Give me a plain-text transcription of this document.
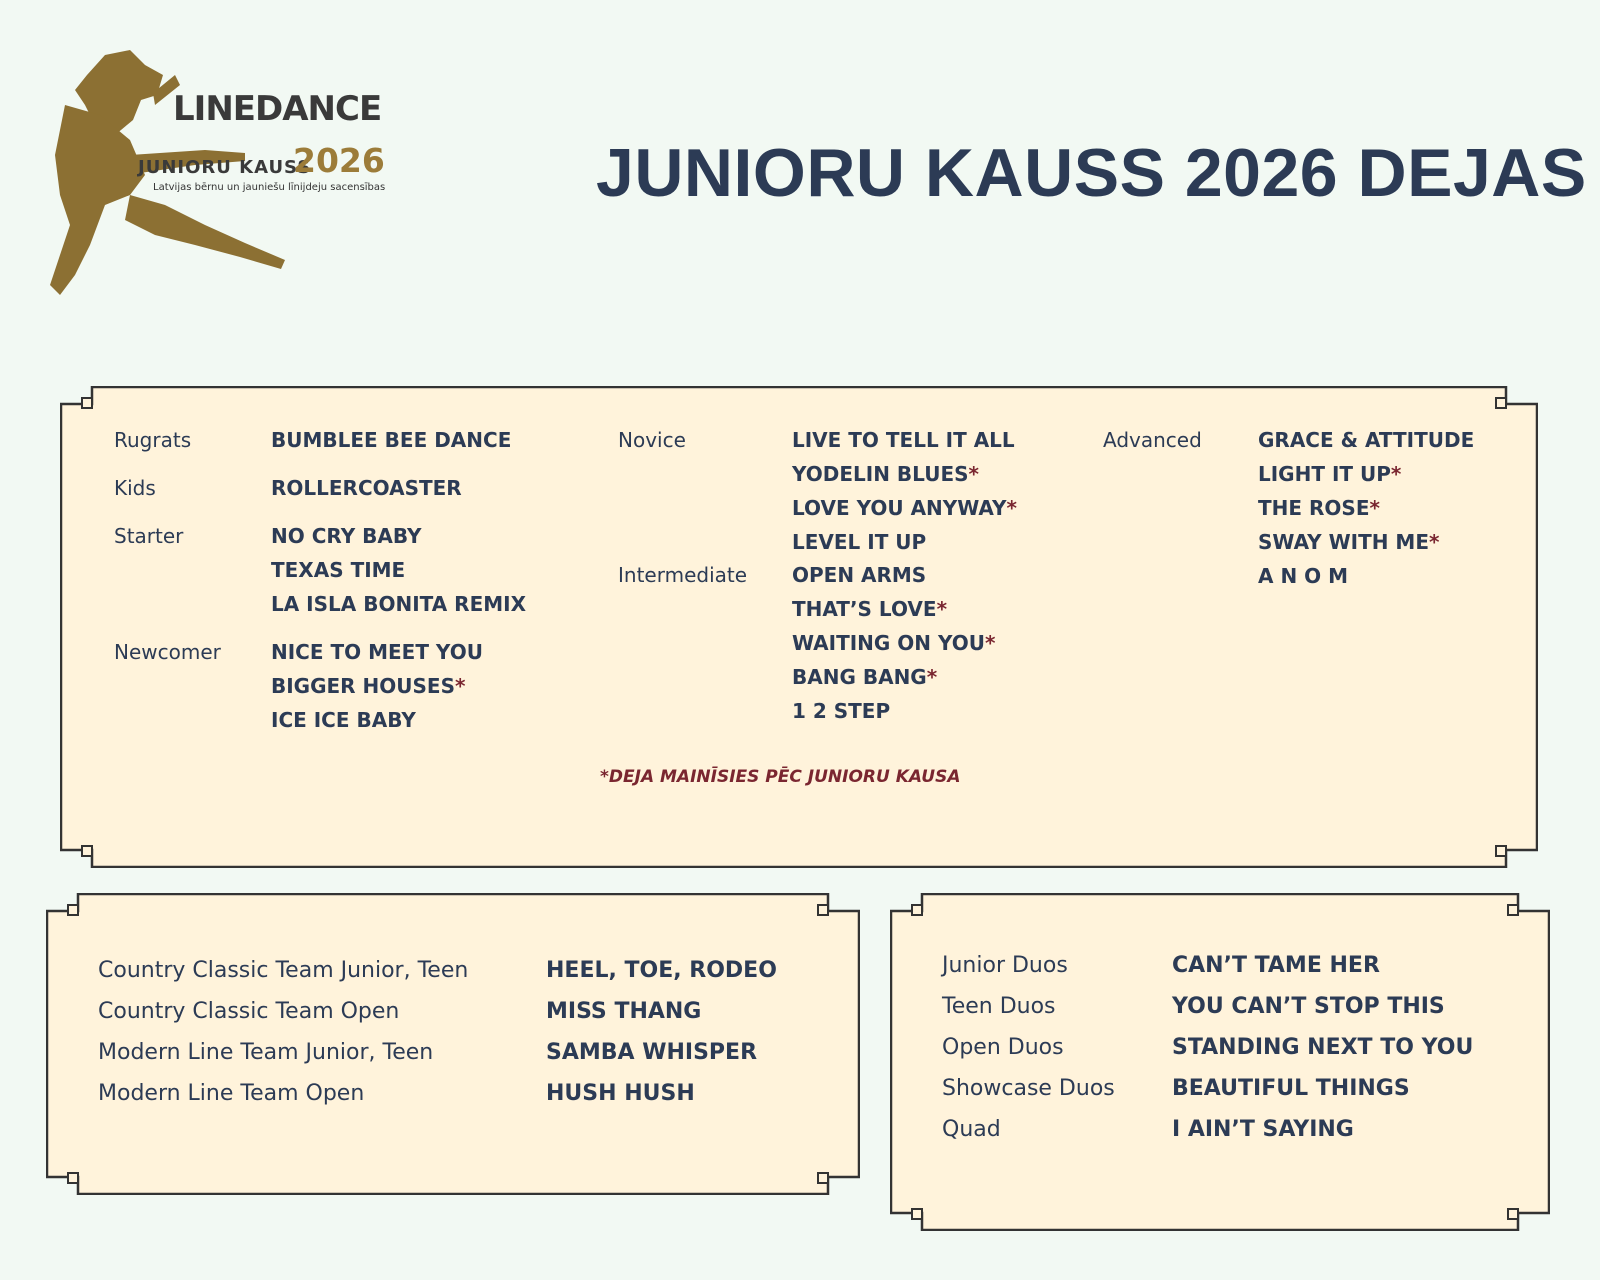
LINEDANCE
JUNIORU KAUSS
2026
Latvijas bērnu un jauniešu līnijdeju sacensības	JUNIORU KAUSS 2026 DEJAS
Rugrats	BUMBLEE BEE DANCE
Kids	ROLLERCOASTER
Starter	NO CRY BABY
TEXAS TIME
LA ISLA BONITA REMIX
Newcomer	NICE TO MEET YOU
BIGGER HOUSES*
ICE ICE BABY
Novice	LIVE TO TELL IT ALL
YODELIN BLUES*
LOVE YOU ANYWAY*
LEVEL IT UP
Intermediate OPEN ARMS
THAT’S LOVE*
WAITING ON YOU*
BANG BANG*
1 2 STEP
Advanced	GRACE & ATTITUDE
LIGHT IT UP*
THE ROSE*
SWAY WITH ME*
A N O M
*DEJA MAINĪSIES PĒC JUNIORU KAUSA
Country Classic Team Junior, Teen	HEEL, TOE, RODEO
Country Classic Team Open	MISS THANG
Modern Line Team Junior, Teen	SAMBA WHISPER
Modern Line Team Open	HUSH HUSH
Junior Duos	CAN’T TAME HER
Teen Duos	YOU CAN’T STOP THIS
Open Duos	STANDING NEXT TO YOU
Showcase Duos	BEAUTIFUL THINGS
Quad	I AIN’T SAYING
